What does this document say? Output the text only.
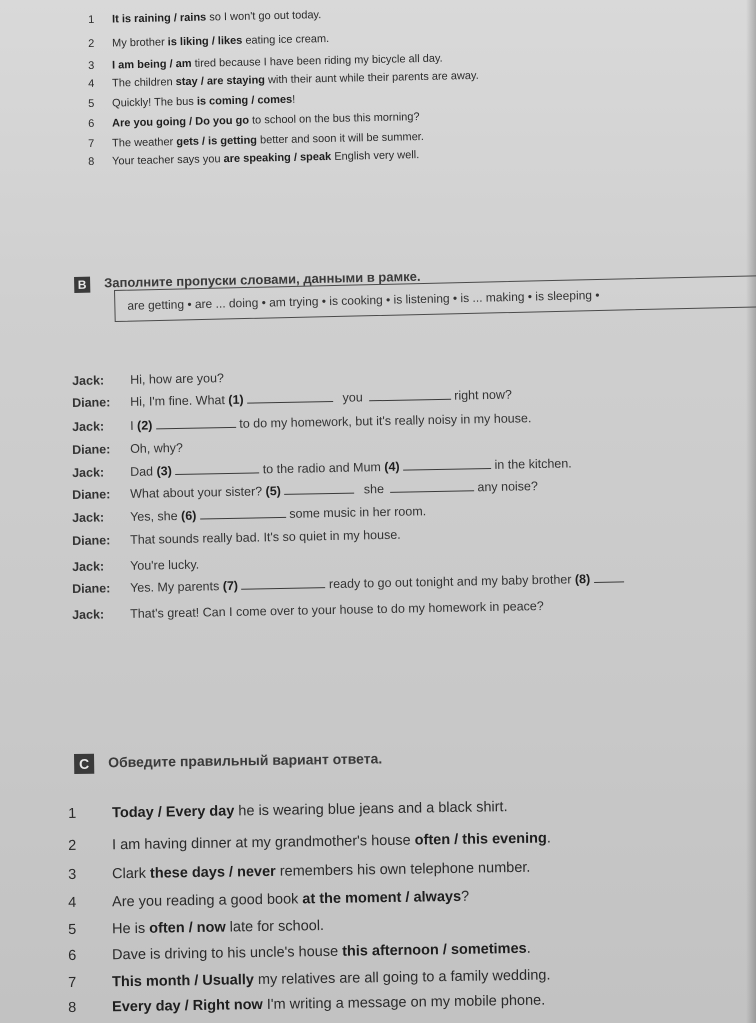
1 It is raining / rains so I won't go out today.
2 My brother is liking / likes eating ice cream.
3 I am being / am tired because I have been riding my bicycle all day.
4 The children stay / are staying with their aunt while their parents are away.
5 Quickly! The bus is coming / comes!
6 Are you going / Do you go to school on the bus this morning?
7 The weather gets / is getting better and soon it will be summer.
8 Your teacher says you are speaking / speak English very well.
B Заполните пропуски словами, данными в рамке.
are getting • are ... doing • am trying • is cooking • is listening • is ... making • is sleeping •
Jack: Hi, how are you?
Diane: Hi, I'm fine. What (1)	you	right now?
Jack: I (2)	to do my homework, but it's really noisy in my house.
Diane: Oh, why?
Jack: Dad (3)	to the radio and Mum (4)	in the kitchen.
Diane: What about your sister? (5)	she	any noise?
Jack: Yes, she (6)	some music in her room.
Diane: That sounds really bad. It's so quiet in my house.
Jack: You're lucky.
Diane: Yes. My parents (7)	ready to go out tonight and my baby brother (8)
Jack: That's great! Can I come over to your house to do my homework in peace?
C Обведите правильный вариант ответа.
1 Today / Every day he is wearing blue jeans and a black shirt.
2 I am having dinner at my grandmother's house often / this evening.
3 Clark these days / never remembers his own telephone number.
4 Are you reading a good book at the moment / always?
5 He is often / now late for school.
6 Dave is driving to his uncle's house this afternoon / sometimes.
7 This month / Usually my relatives are all going to a family wedding.
8 Every day / Right now I'm writing a message on my mobile phone.
